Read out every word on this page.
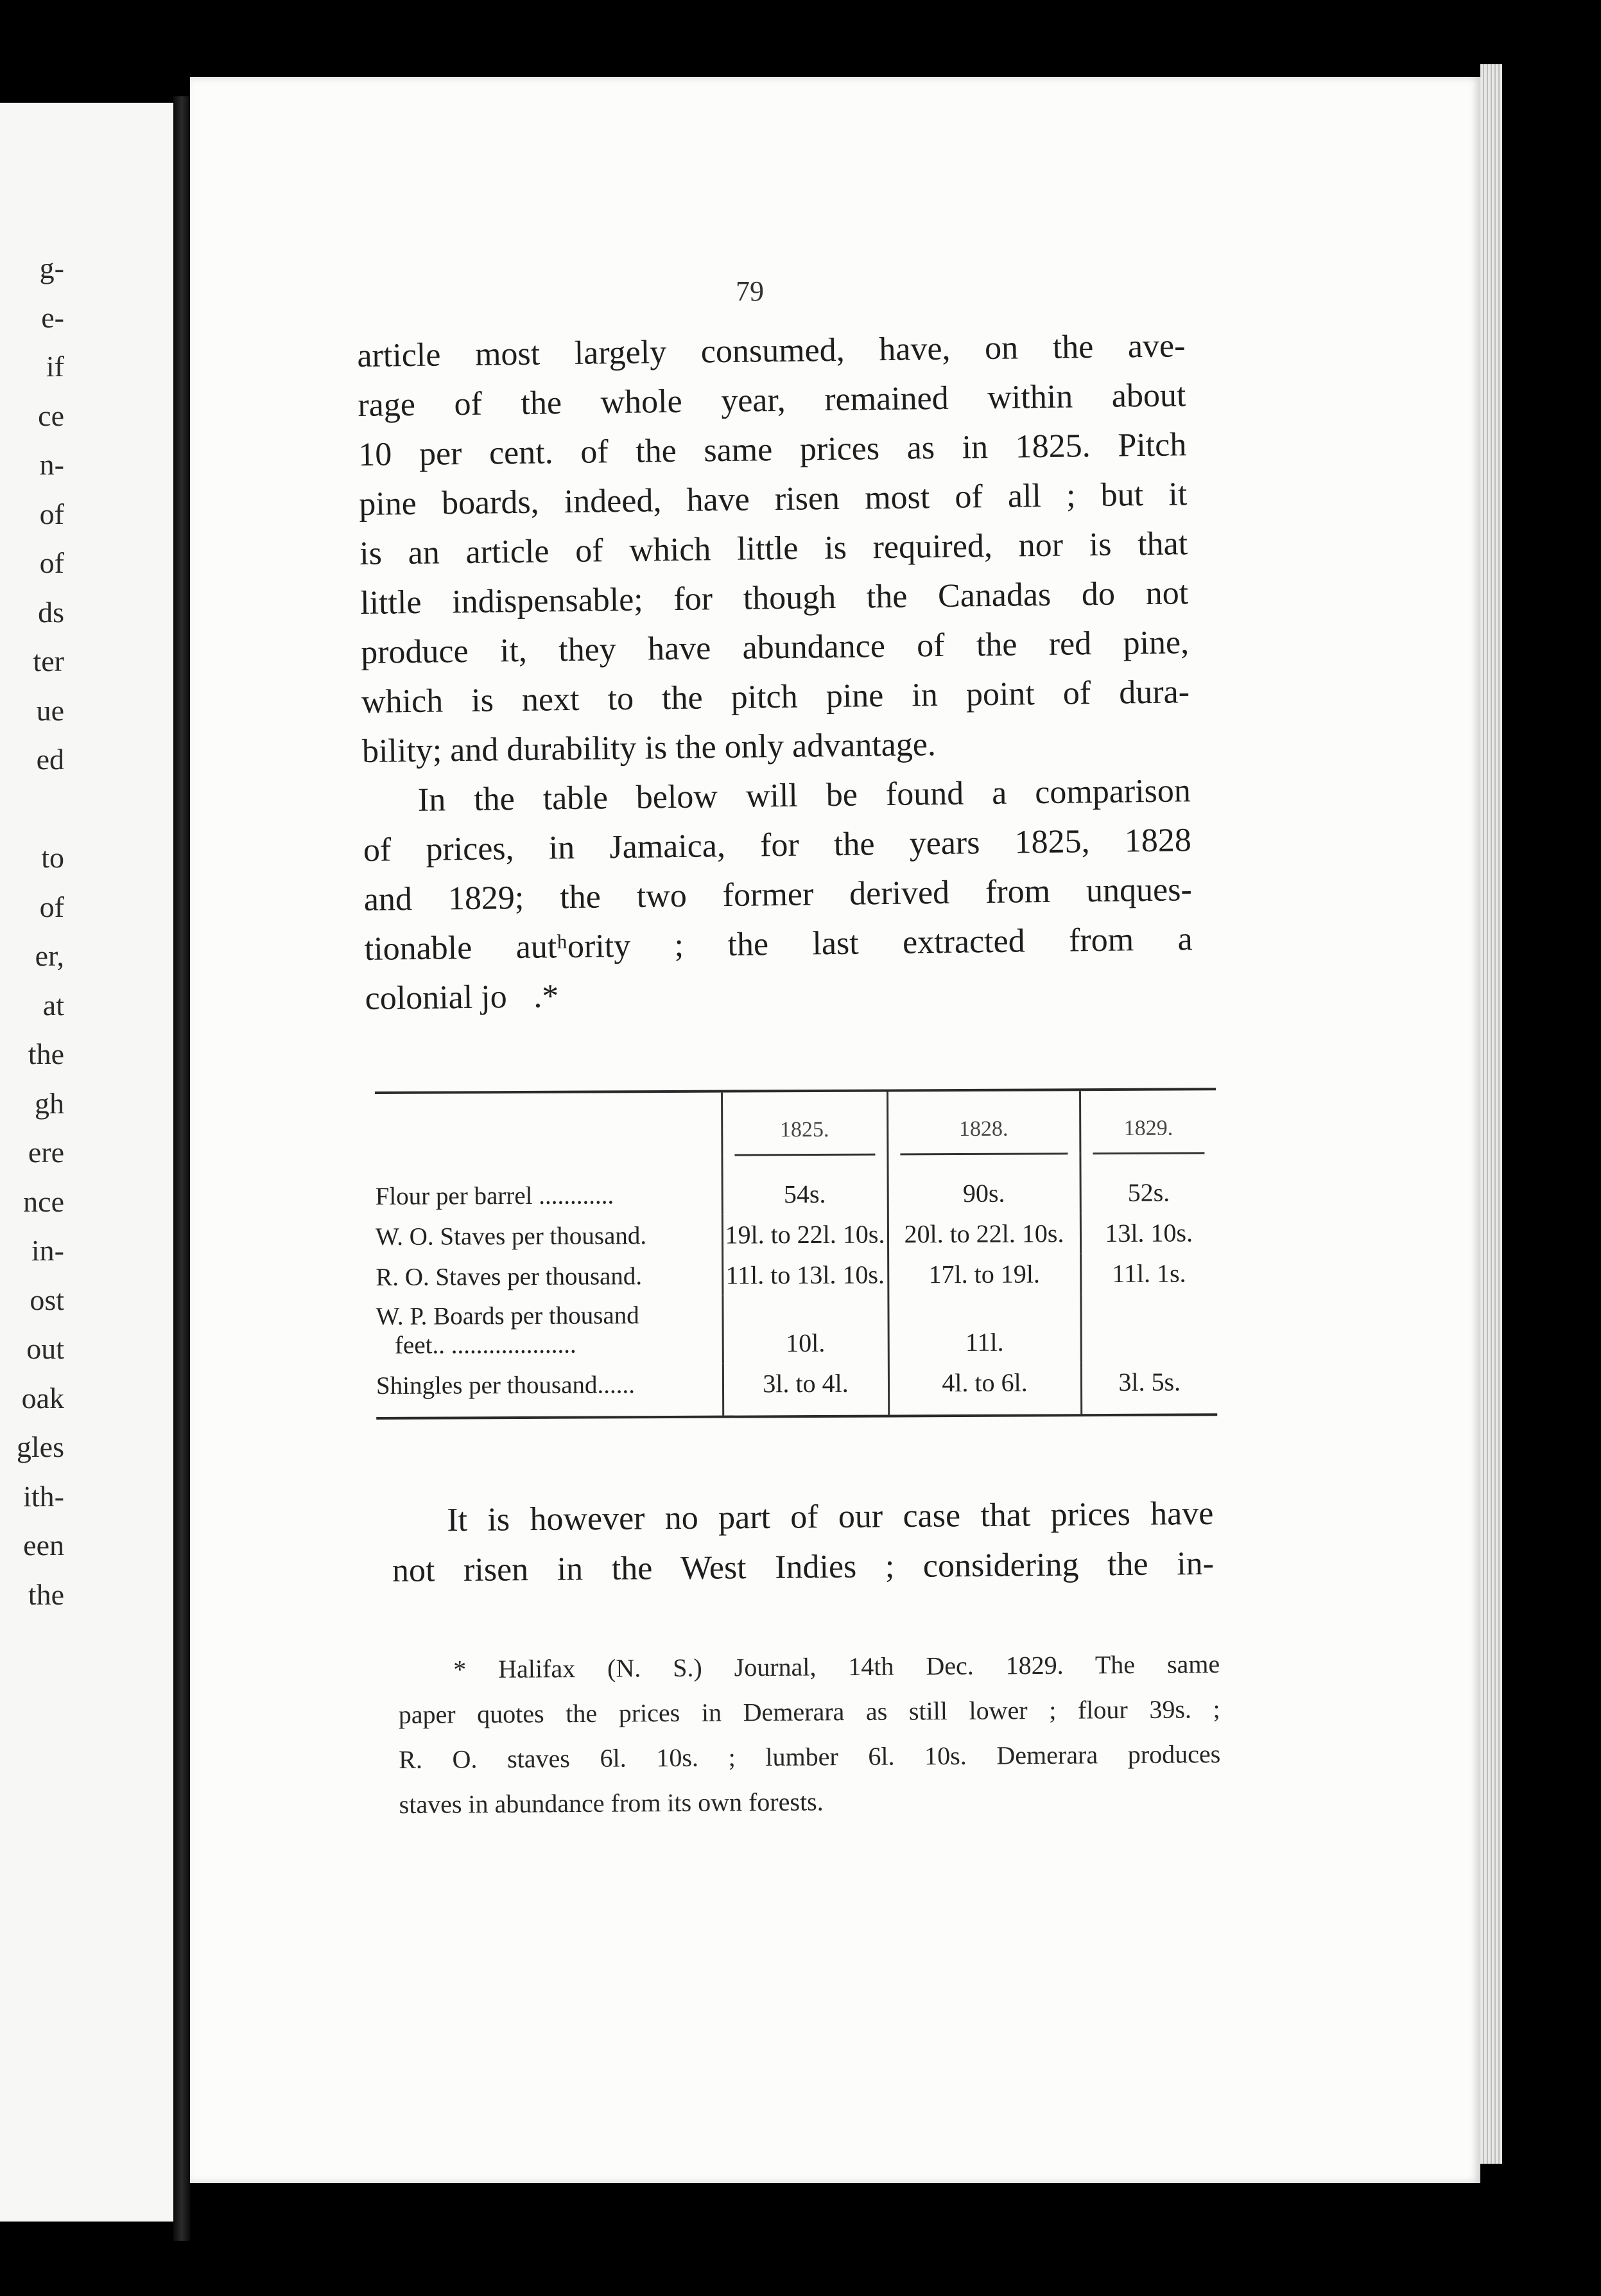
g-
e-
if
ce
n-
of
of
ds
ter
ue
ed

to
of
er,
at
the
gh
ere
nce
in-
ost
out
oak
gles
ith-
een
the
79
article most largely consumed, have, on the ave-
rage of the whole year, remained within about
10 per cent. of the same prices as in 1825. Pitch
pine boards, indeed, have risen most of all ; but it
is an article of which little is required, nor is that
little indispensable; for though the Canadas do not
produce it, they have abundance of the red pine,
which is next to the pitch pine in point of dura-
bility; and durability is the only advantage.
In the table below will be found a comparison
of prices, in Jamaica, for the years 1825, 1828
and 1829; the two former derived from unques-
tionable autʰority ; the last extracted from a
colonial jo    .*
	1825.	1828.	1829.

Flour per barrel ............	54s.	90s.	52s.
W. O. Staves per thousand.	19l. to 22l. 10s.	20l. to 22l. 10s.	13l. 10s.
R. O. Staves per thousand.	11l. to 13l. 10s.	17l. to 19l.	11l. 1s.
W. P. Boards per thousand
feet.. ....................	10l.	11l.	
Shingles per thousand......	3l. to 4l.	4l. to 6l.	3l. 5s.
It is however no part of our case that prices have
not risen in the West Indies ; considering the in-
* Halifax (N. S.) Journal, 14th Dec. 1829. The same
paper quotes the prices in Demerara as still lower ; flour 39s. ;
R. O. staves 6l. 10s. ; lumber 6l. 10s. Demerara produces
staves in abundance from its own forests.
